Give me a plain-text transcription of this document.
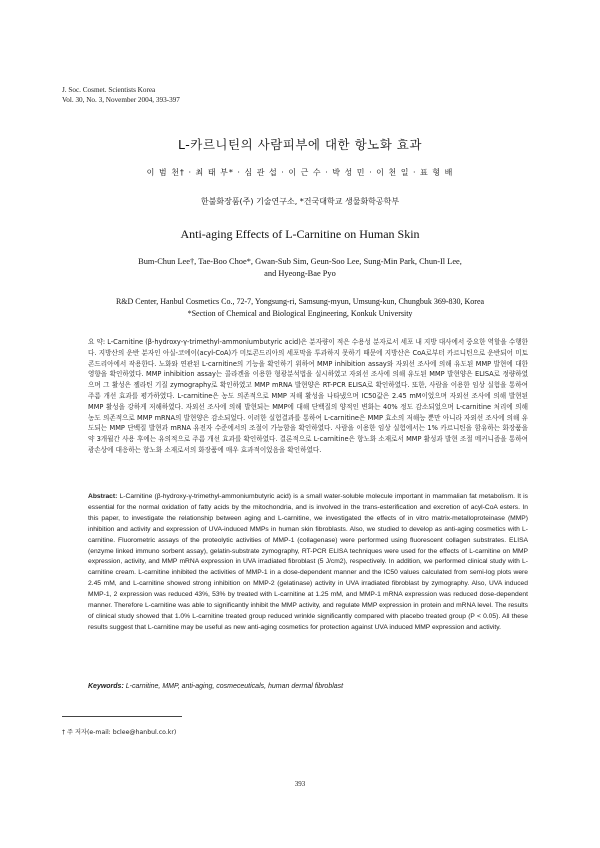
J. Soc. Cosmet. Scientists Korea
Vol. 30, No. 3, November 2004, 393-397
L-카르니틴의 사람피부에 대한 항노화 효과
이 범 천† · 최 태 부* · 심 관 섭 · 이 근 수 · 박 성 민 · 이 천 일 · 표 형 배
한불화장품(주) 기술연구소, *건국대학교 생물화학공학부
Anti-aging Effects of L-Carnitine on Human Skin
Bum-Chun Lee†, Tae-Boo Choe*, Gwan-Sub Sim, Geun-Soo Lee, Sung-Min Park, Chun-Il Lee,
and Hyeong-Bae Pyo
R&D Center, Hanbul Cosmetics Co., 72-7, Yongsung-ri, Samsung-myun, Umsung-kun, Chungbuk 369-830, Korea
*Section of Chemical and Biological Engineering, Konkuk University
요 약: L-Carnitine (β-hydroxy-γ-trimethyl-ammoniumbutyric acid)은 분자량이 적은 수용성 분자로서 세포 내 지방 대사에서 중요한 역할을 수행한다. 지방산의 운반 분자인 아실-코에이(acyl-CoA)가 미토콘드리아의 세포막을 투과하지 못하기 때문에 지방산은 CoA로부터 카르니틴으로 운반되어 미토콘드리아에서 작용한다. 노화와 연관된 L-carnitine의 기능을 확인하기 위하여 MMP inhibition assay와 자외선 조사에 의해 유도된 MMP 발현에 대한 영향을 확인하였다. MMP inhibition assay는 콜라겐을 이용한 형광분석법을 실시하였고 자외선 조사에 의해 유도된 MMP 발현양은 ELISA로 정량하였으며 그 활성은 젤라틴 기질 zymography로 확인하였고 MMP mRNA 발현양은 RT-PCR ELISA로 확인하였다. 또한, 사람을 이용한 임상 실험을 통하여 주름 개선 효과를 평가하였다. L-carnitine은 농도 의존적으로 MMP 저해 활성을 나타냈으며 IC50값은 2.45 mM이었으며 자외선 조사에 의해 발현된 MMP 활성을 강하게 저해하였다. 자외선 조사에 의해 발현되는 MMP에 대해 단백질의 양적인 변화는 40% 정도 감소되었으며 L-carnitine 처리에 의해 농도 의존적으로 MMP mRNA의 발현양은 감소되었다. 이러한 실험결과를 통하여 L-carnitine은 MMP 효소의 저해능 뿐만 아니라 자외선 조사에 의해 유도되는 MMP 단백질 발현과 mRNA 유전자 수준에서의 조절이 가능함을 확인하였다. 사람을 이용한 임상 실험에서는 1% 카르니틴을 함유하는 화장품을 약 3개월간 사용 후에는 유의적으로 주름 개선 효과를 확인하였다. 결론적으로 L-carnitine은 항노화 소재로서 MMP 활성과 발현 조절 메커니즘을 통하여 광손상에 대응하는 항노화 소재로서의 화장품에 매우 효과적이었음을 확인하였다.
Abstract: L-Carnitine (β-hydroxy-γ-trimethyl-ammoniumbutyric acid) is a small water-soluble molecule important in mammalian fat metabolism. It is essential for the normal oxidation of fatty acids by the mitochondria, and is involved in the trans-esterification and excretion of acyl-CoA esters. In this paper, to investigate the relationship between aging and L-carnitine, we investigated the effects of in vitro matrix-metalloproteinase (MMP) inhibition and activity and expression of UVA-induced MMPs in human skin fibroblasts. Also, we studied to develop as anti-aging cosmetics with L-carnitine. Fluorometric assays of the proteolytic activities of MMP-1 (collagenase) were performed using fluorescent collagen substrates. ELISA (enzyme linked immuno sorbent assay), gelatin-substrate zymography, RT-PCR ELISA techniques were used for the effects of L-carnitine on MMP expression, activity, and MMP mRNA expression in UVA irradiated fibroblast (5 J/cm2), respectively. In addition, we performed clinical study with L-carnitine cream. L-carnitine inhibited the activities of MMP-1 in a dose-dependent manner and the IC50 values calculated from semi-log plots were 2.45 mM, and L-carnitine showed strong inhibition on MMP-2 (gelatinase) activity in UVA irradiated fibroblast by zymography. Also, UVA induced MMP-1, 2 expression was reduced 43%, 53% by treated with L-carnitine at 1.25 mM, and MMP-1 mRNA expression was reduced dose-dependent manner. Therefore L-carnitine was able to significantly inhibit the MMP activity, and regulate MMP expression in protein and mRNA level. The results of clinical study showed that 1.0% L-carnitine treated group reduced wrinkle significantly compared with placebo treated group (P < 0.05). All these results suggest that L-carnitine may be useful as new anti-aging cosmetics for protection against UVA induced MMP expression and activity.
Keywords: L-carnitine, MMP, anti-aging, cosmeceuticals, human dermal fibroblast
† 주 저자(e-mail: bclee@hanbul.co.kr)
393
